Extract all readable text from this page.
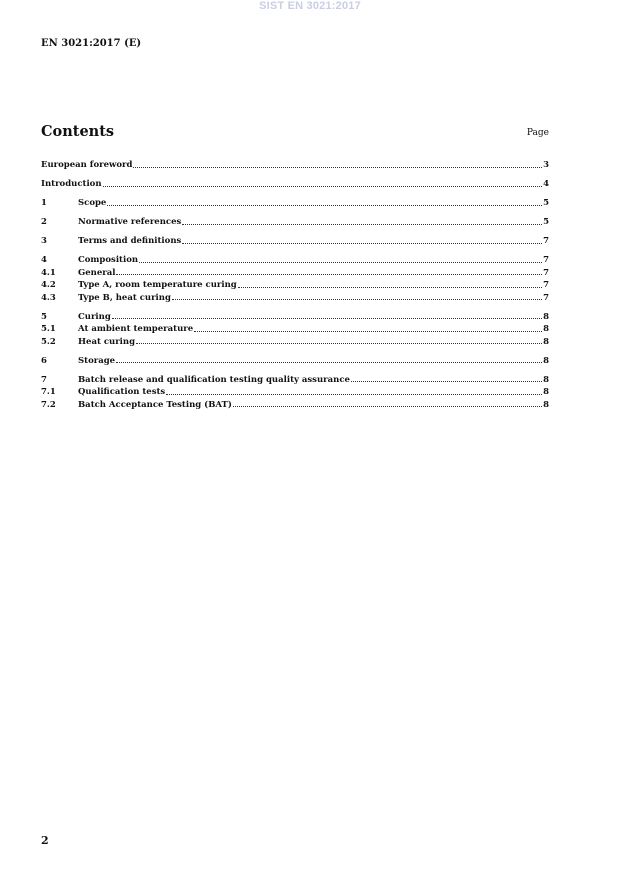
SIST EN 3021:2017
EN 3021:2017 (E)
Contents	Page
European foreword	3
Introduction	4
1	Scope	5
2	Normative references	5
3	Terms and definitions	7
4	Composition	7
4.1	General	7
4.2	Type A, room temperature curing	7
4.3	Type B, heat curing	7
5	Curing	8
5.1	At ambient temperature	8
5.2	Heat curing	8
6	Storage	8
7	Batch release and qualification testing quality assurance	8
7.1	Qualification tests	8
7.2	Batch Acceptance Testing (BAT)	8
2
